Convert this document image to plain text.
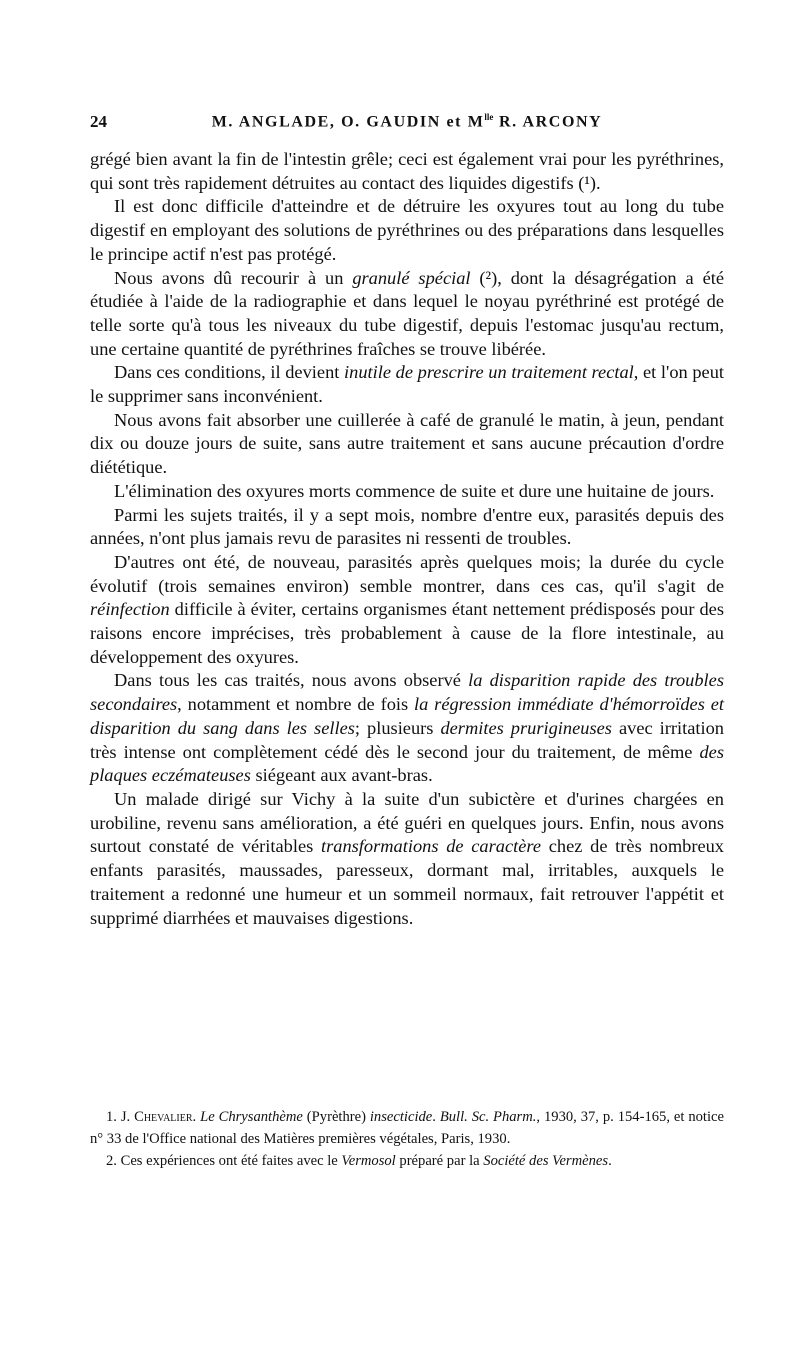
24	M. ANGLADE, O. GAUDIN et $M^{lle}$ R. ARCONY

grégé bien avant la fin de l'intestin grêle; ceci est également vrai pour les pyréthrines, qui sont très rapidement détruites au contact des liquides digestifs (¹).

Il est donc difficile d'atteindre et de détruire les oxyures tout au long du tube digestif en employant des solutions de pyréthrines ou des préparations dans lesquelles le principe actif n'est pas protégé.

Nous avons dû recourir à un granulé spécial (²), dont la désagrégation a été étudiée à l'aide de la radiographie et dans lequel le noyau pyréthriné est protégé de telle sorte qu'à tous les niveaux du tube digestif, depuis l'estomac jusqu'au rectum, une certaine quantité de pyréthrines fraîches se trouve libérée.

Dans ces conditions, il devient inutile de prescrire un traitement rectal, et l'on peut le supprimer sans inconvénient.

Nous avons fait absorber une cuillerée à café de granulé le matin, à jeun, pendant dix ou douze jours de suite, sans autre traitement et sans aucune précaution d'ordre diététique.

L'élimination des oxyures morts commence de suite et dure une huitaine de jours.

Parmi les sujets traités, il y a sept mois, nombre d'entre eux, parasités depuis des années, n'ont plus jamais revu de parasites ni ressenti de troubles.

D'autres ont été, de nouveau, parasités après quelques mois; la durée du cycle évolutif (trois semaines environ) semble montrer, dans ces cas, qu'il s'agit de réinfection difficile à éviter, certains organismes étant nettement prédisposés pour des raisons encore imprécises, très probablement à cause de la flore intestinale, au développement des oxyures.

Dans tous les cas traités, nous avons observé la disparition rapide des troubles secondaires, notamment et nombre de fois la régression immédiate d'hémorroïdes et disparition du sang dans les selles; plusieurs dermites prurigineuses avec irritation très intense ont complètement cédé dès le second jour du traitement, de même des plaques eczémateuses siégeant aux avant-bras.

Un malade dirigé sur Vichy à la suite d'un subictère et d'urines chargées en urobiline, revenu sans amélioration, a été guéri en quelques jours. Enfin, nous avons surtout constaté de véritables transformations de caractère chez de très nombreux enfants parasités, maussades, paresseux, dormant mal, irritables, auxquels le traitement a redonné une humeur et un sommeil normaux, fait retrouver l'appétit et supprimé diarrhées et mauvaises digestions.

1. J. Chevalier. Le Chrysanthème (Pyrèthre) insecticide. Bull. Sc. Pharm., 1930, 37, p. 154-165, et notice n° 33 de l'Office national des Matières premières végétales, Paris, 1930.

2. Ces expériences ont été faites avec le Vermosol préparé par la Société des Vermènes.
